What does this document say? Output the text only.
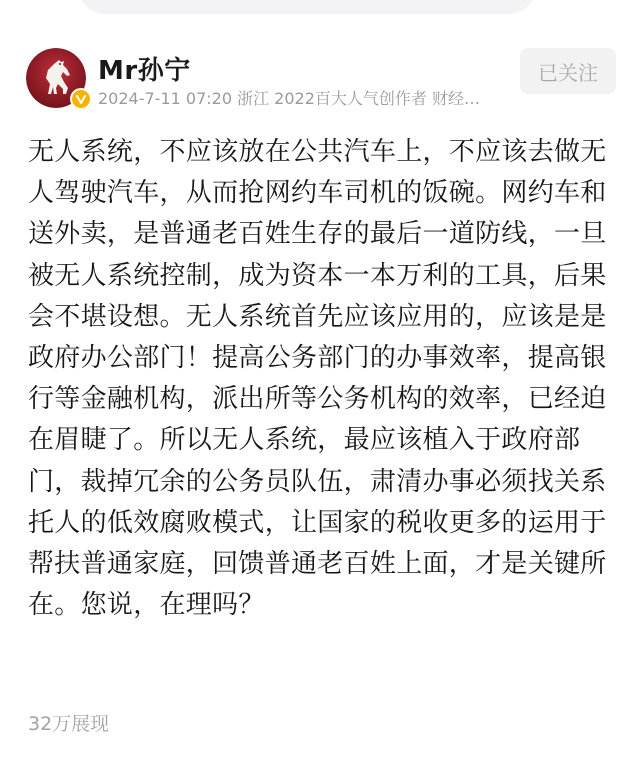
Mr孙宁
2024-7-11 07:20 浙江 2022百大人气创作者 财经…
已关注

无人系统，不应该放在公共汽车上，不应该去做无人驾驶汽车，从而抢网约车司机的饭碗。网约车和送外卖，是普通老百姓生存的最后一道防线，一旦被无人系统控制，成为资本一本万利的工具，后果会不堪设想。无人系统首先应该应用的，应该是是政府办公部门！提高公务部门的办事效率，提高银行等金融机构，派出所等公务机构的效率，已经迫在眉睫了。所以无人系统，最应该植入于政府部门，裁掉冗余的公务员队伍，肃清办事必须找关系托人的低效腐败模式，让国家的税收更多的运用于帮扶普通家庭，回馈普通老百姓上面，才是关键所在。您说，在理吗？

32万展现
